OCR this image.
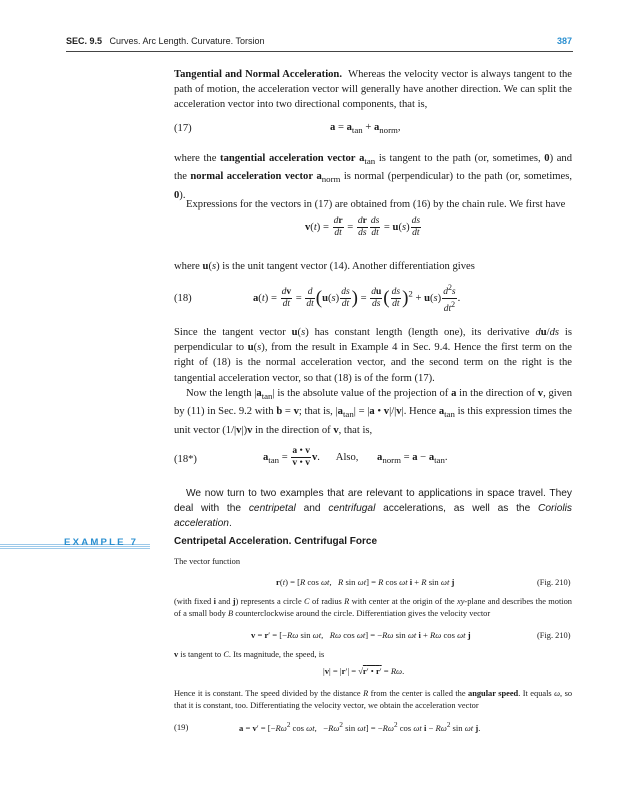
SEC. 9.5 Curves. Arc Length. Curvature. Torsion	387

Tangential and Normal Acceleration. Whereas the velocity vector is always tangent to the path of motion, the acceleration vector will generally have another direction. We can split the acceleration vector into two directional components, that is,

(17)	$a = a_{tan} + a_{norm}$,

where the tangential acceleration vector $a_{tan}$ is tangent to the path (or, sometimes, 0) and the normal acceleration vector $a_{norm}$ is normal (perpendicular) to the path (or, sometimes, 0).

Expressions for the vectors in (17) are obtained from (16) by the chain rule. We first have

$v(t) = \frac{dr}{dt} = \frac{dr}{ds} \frac{ds}{dt} = u(s) \frac{ds}{dt}$

where u(s) is the unit tangent vector (14). Another differentiation gives

(18)	$a(t) = \frac{dv}{dt} = \frac{d}{dt} (u(s) \frac{ds}{dt}$ ) = $\frac{du}{ds}$ ( $\frac{ds}{dt} )^2 + u(s) \frac{d^2s}{dt^2}$ .

Since the tangent vector u(s) has constant length (length one), its derivative du/ds is perpendicular to u(s), from the result in Example 4 in Sec. 9.4. Hence the first term on the right of (18) is the normal acceleration vector, and the second term on the right is the tangential acceleration vector, so that (18) is of the form (17).

Now the length $|a_{tan}|$ is the absolute value of the projection of a in the direction of v, given by (11) in Sec. 9.2 with b = v; that is, $|a_{tan}| = |a$ • v|/|v|. Hence $a_{tan}$ is this expression times the unit vector (1/|v|)v in the direction of v, that is,

(18*)	$a_{tan} = \frac{a • v}{v • v} v$.      Also, $a_{norm} = a - a_{tan}$.

We now turn to two examples that are relevant to applications in space travel. They deal with the centripetal and centrifugal accelerations, as well as the Coriolis acceleration.

EXAMPLE 7	Centripetal Acceleration. Centrifugal Force

The vector function

r(t) = [R cos ωt,   R sin ωt] = R cos ωt i + R sin ωt j	(Fig. 210)

(with fixed i and j) represents a circle C of radius R with center at the origin of the xy-plane and describes the motion of a small body B counterclockwise around the circle. Differentiation gives the velocity vector

v = r′ = [−Rω sin ωt,   Rω cos ωt] = −Rω sin ωt i + Rω cos ωt j	(Fig. 210)

v is tangent to C. Its magnitude, the speed, is

|v| = |r′| = √r′ • r′ = Rω.

Hence it is constant. The speed divided by the distance R from the center is called the angular speed. It equals ω, so that it is constant, too. Differentiating the velocity vector, we obtain the acceleration vector

(19)	$a = v' = [-R\omega^2$ cos ωt,   $-R\omega^2$ $\sin \omega t] = -R\omega^2$ cos ωt $i - R\omega^2$ sin ωt j.
